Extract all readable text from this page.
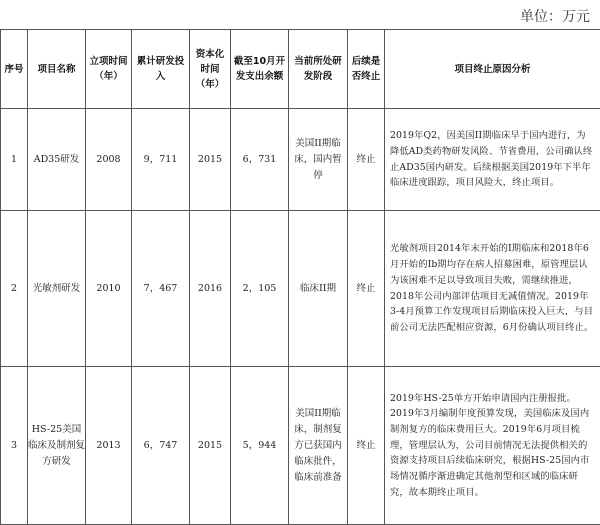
单位：万元
序号	项目名称	立项时间（年）	累计研发投入	资本化时间（年）	截至10月开发支出余额	当前所处研发阶段	后续是否终止	项目终止原因分析

1	AD35研发	2008	9，711	2015	6，731	美国II期临床，国内暂停	终止	2019年Q2，因美国II期临床早于国内进行，为降低AD类药物研发风险、节省费用，公司确认终止AD35国内研发。后续根据美国2019年下半年临床进度跟踪，项目风险大，终止项目。
2	光敏剂研发	2010	7，467	2016	2，105	临床II期	终止	光敏剂项目2014年末开始的I期临床和2018年6月开始的Ib期均存在病人招募困难，原管理层认为该困难不足以导致项目失败，需继续推进，2018年公司内部评估项目无减值情况。2019年3-4月预算工作发现项目后期临床投入巨大，与目前公司无法匹配相应资源，6月份确认项目终止。
3	HS-25美国临床及制剂复方研发	2013	6，747	2015	5，944	美国II期临床，制剂复方已获国内临床批件，临床前准备	终止	2019年HS-25单方开始申请国内注册报批。2019年3月编制年度预算发现，美国临床及国内制剂复方的临床费用巨大。2019年6月项目梳理，管理层认为，公司目前情况无法提供相关的资源支持项目后续临床研究，根据HS-25国内市场情况循序渐进确定其他剂型和区域的临床研究，故本期终止项目。
